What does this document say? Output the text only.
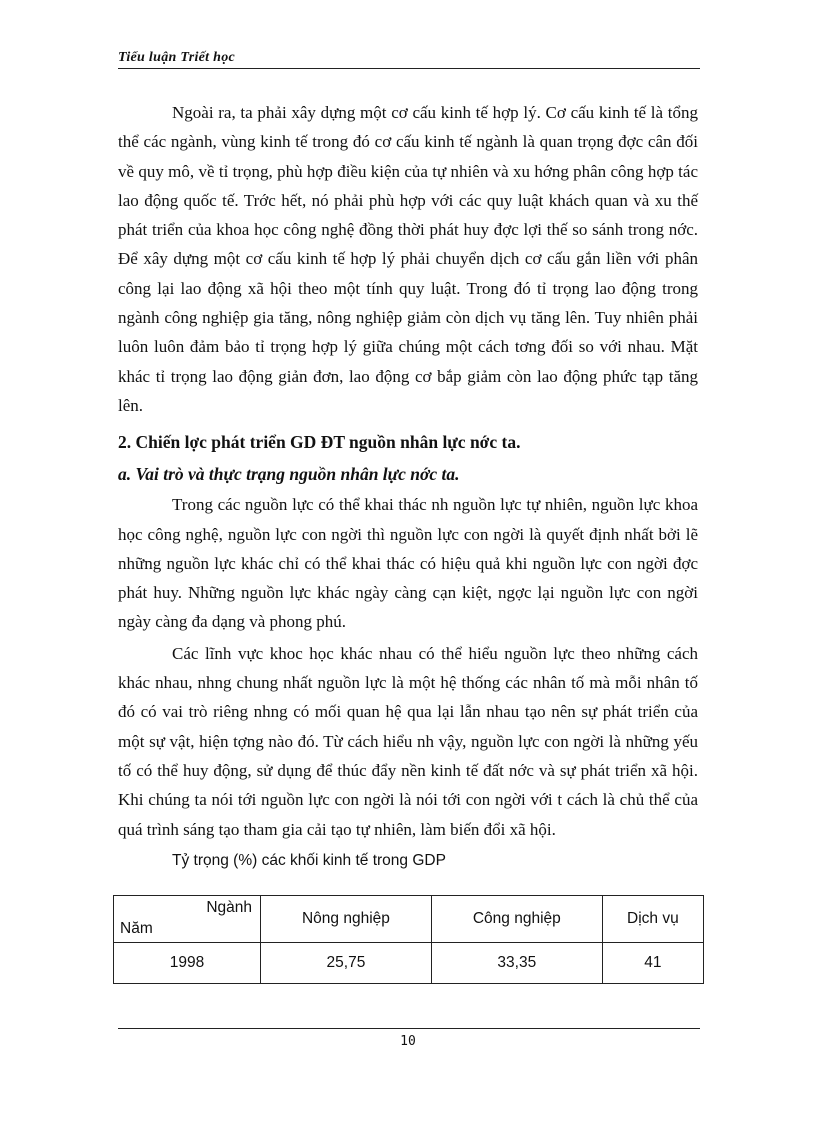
Tiểu luận Triết học

Ngoài ra, ta phải xây dựng một cơ cấu kinh tế hợp lý. Cơ cấu kinh tế là tổng thể các ngành, vùng kinh tế trong đó cơ cấu kinh tế ngành là quan trọng đợc cân đối về quy mô, về tỉ trọng, phù hợp điều kiện của tự nhiên và xu hớng phân công hợp tác lao động quốc tế. Trớc hết, nó phải phù hợp với các quy luật khách quan và xu thế phát triển của khoa học công nghệ đồng thời phát huy đợc lợi thế so sánh trong nớc. Để xây dựng một cơ cấu kinh tế hợp lý phải chuyển dịch cơ cấu gắn liền với phân công lại lao động xã hội theo một tính quy luật. Trong đó tỉ trọng lao động trong ngành công nghiệp gia tăng, nông nghiệp giảm còn dịch vụ tăng lên. Tuy nhiên phải luôn luôn đảm bảo tỉ trọng hợp lý giữa chúng một cách tơng đối so với nhau. Mặt khác tỉ trọng lao động giản đơn, lao động cơ bắp giảm còn lao động phức tạp tăng lên.

2. Chiến lợc phát triển GD ĐT nguồn nhân lực nớc ta.

a. Vai trò và thực trạng nguồn nhân lực nớc ta.

Trong các nguồn lực có thể khai thác nh nguồn lực tự nhiên, nguồn lực khoa học công nghệ, nguồn lực con ngời thì nguồn lực con ngời là quyết định nhất bởi lẽ những nguồn lực khác chỉ có thể khai thác có hiệu quả khi nguồn lực con ngời đợc phát huy. Những nguồn lực khác ngày càng cạn kiệt, ngợc lại nguồn lực con ngời ngày càng đa dạng và phong phú.

Các lĩnh vực khoc học khác nhau có thể hiểu nguồn lực theo những cách khác nhau, nhng chung nhất nguồn lực là một hệ thống các nhân tố mà mỗi nhân tố đó có vai trò riêng nhng có mối quan hệ qua lại lẫn nhau tạo nên sự phát triển của một sự vật, hiện tợng nào đó. Từ cách hiểu nh vậy, nguồn lực con ngời là những yếu tố có thể huy động, sử dụng để thúc đẩy nền kinh tế đất nớc và sự phát triển xã hội. Khi chúng ta nói tới nguồn lực con ngời là nói tới con ngời với t cách là chủ thể của quá trình sáng tạo tham gia cải tạo tự nhiên, làm biến đổi xã hội.

Tỷ trọng (%) các khối kinh tế trong GDP

Ngành
Năm	Nông nghiệp	Công nghiệp	Dịch vụ
1998	25,75	33,35	41
10
